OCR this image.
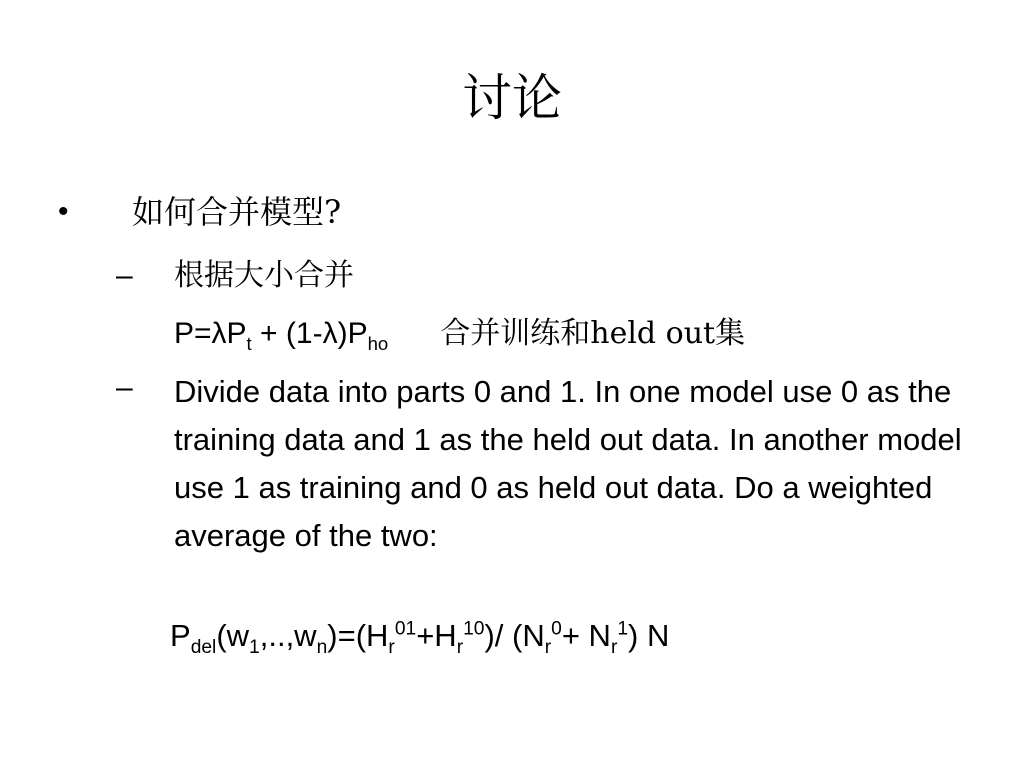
讨论
• 如何合并模型?
– 根据大小合并
$P=\lambda P_t + (1-\lambda)P_{ho}$ 合并训练和held out集
– Divide data into parts 0 and 1. In one model use 0 as the training data and 1 as the held out data. In another model use 1 as training and 0 as held out data. Do a weighted average of the two:
$P_{del}(w_1,..,w_n)=(H_r^{01}+H_r^{10})/$ $(N_r^0+ N_r^1)$ N
